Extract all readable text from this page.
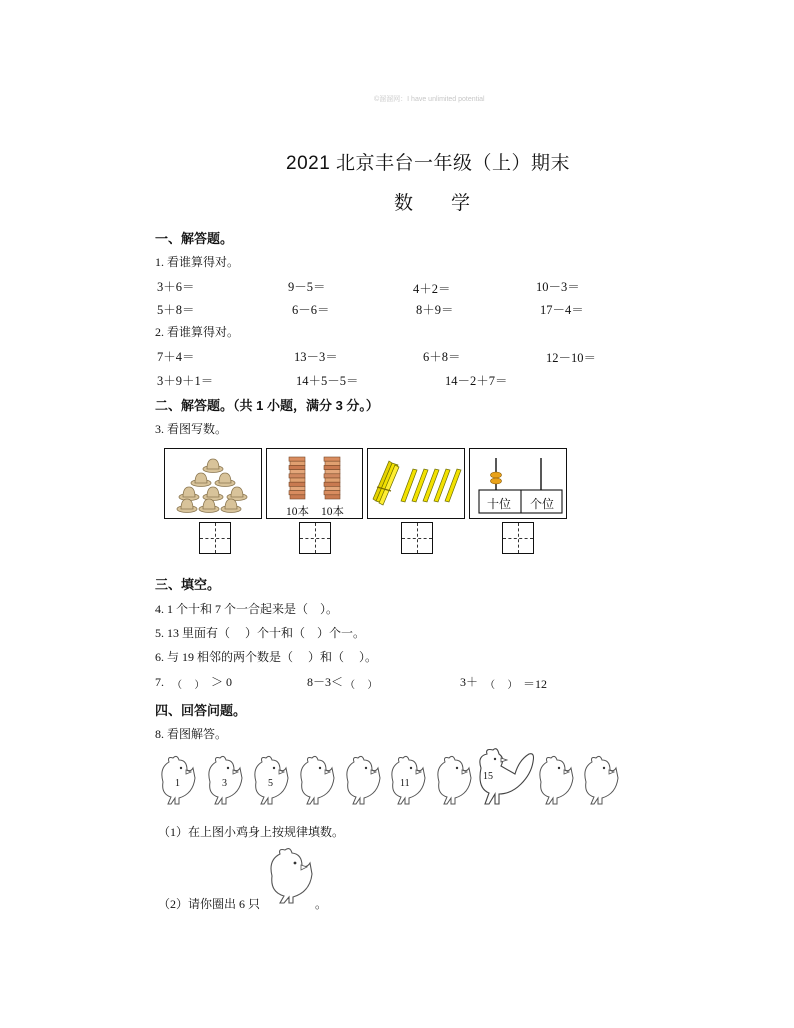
©溜溜网：I have unlimited potential
2021 北京丰台一年级（上）期末
数　　学
一、解答题。
1. 看谁算得对。
3＋6＝	9－5＝	4＋2＝	10－3＝
5＋8＝	6－6＝	8＋9＝	17－4＝
2. 看谁算得对。
7＋4＝	13－3＝	6＋8＝	12－10＝
3＋9＋1＝	14＋5－5＝	14－2＋7＝
二、解答题。（共 1 小题，满分 3 分。）
3. 看图写数。
10本 10本
十位 个位
三、填空。
4. 1 个十和 7 个一合起来是（　）。
5. 13 里面有（　 ）个十和（　）个一。
6. 与 19 相邻的两个数是（　 ）和（　 ）。
7. （　 ） ＞ 0	8－3＜ （　 ）	3＋ （　 ） ＝12
四、回答问题。
8. 看图解答。
1	3	5	11
15
（1）在上图小鸡身上按规律填数。
（2）请你圈出 6 只	。
